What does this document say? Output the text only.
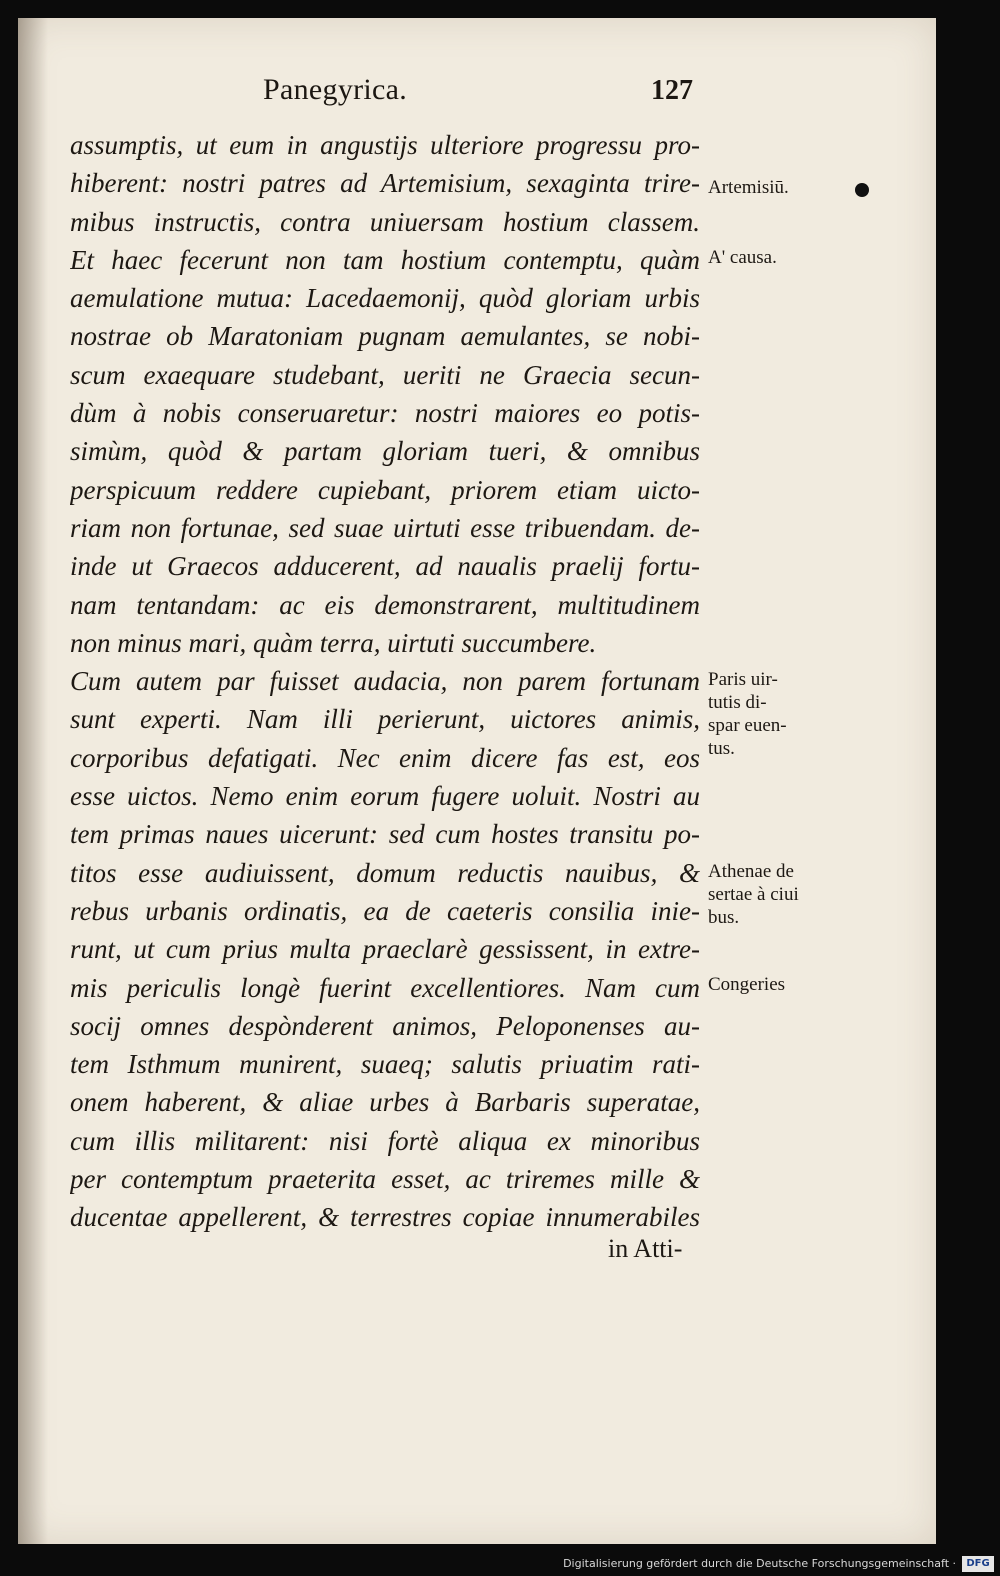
Panegyrica.	127
assumptis, ut eum in angustijs ulteriore progressu pro-
hiberent: nostri patres ad Artemisium, sexaginta trire-
mibus instructis, contra uniuersam hostium classem.
Et haec fecerunt non tam hostium contemptu, quàm
aemulatione mutua: Lacedaemonij, quòd gloriam urbis
nostrae ob Maratoniam pugnam aemulantes, se nobi-
scum exaequare studebant, ueriti ne Graecia secun-
dùm à nobis conseruaretur: nostri maiores eo potis-
simùm, quòd & partam gloriam tueri, & omnibus
perspicuum reddere cupiebant, priorem etiam uicto-
riam non fortunae, sed suae uirtuti esse tribuendam. de-
inde ut Graecos adducerent, ad naualis praelij fortu-
nam tentandam: ac eis demonstrarent, multitudinem
non minus mari, quàm terra, uirtuti succumbere.
Cum autem par fuisset audacia, non parem fortunam
sunt experti. Nam illi perierunt, uictores animis,
corporibus defatigati. Nec enim dicere fas est, eos
esse uictos. Nemo enim eorum fugere uoluit. Nostri au
tem primas naues uicerunt: sed cum hostes transitu po-
titos esse audiuissent, domum reductis nauibus, &
rebus urbanis ordinatis, ea de caeteris consilia inie-
runt, ut cum prius multa praeclarè gessissent, in extre-
mis periculis longè fuerint excellentiores. Nam cum
socij omnes despònderent animos, Peloponenses au-
tem Isthmum munirent, suaeq; salutis priuatim rati-
onem haberent, & aliae urbes à Barbaris superatae,
cum illis militarent: nisi fortè aliqua ex minoribus
per contemptum praeterita esset, ac triremes mille &
ducentae appellerent, & terrestres copiae innumerabiles
in Atti-
Artemisiū.
A' causa.
Paris uir-
tutis di-
spar euen-
tus.
Athenae de
sertae à ciui
bus.
Congeries
Digitalisierung gefördert durch die Deutsche Forschungsgemeinschaft ·	DFG
